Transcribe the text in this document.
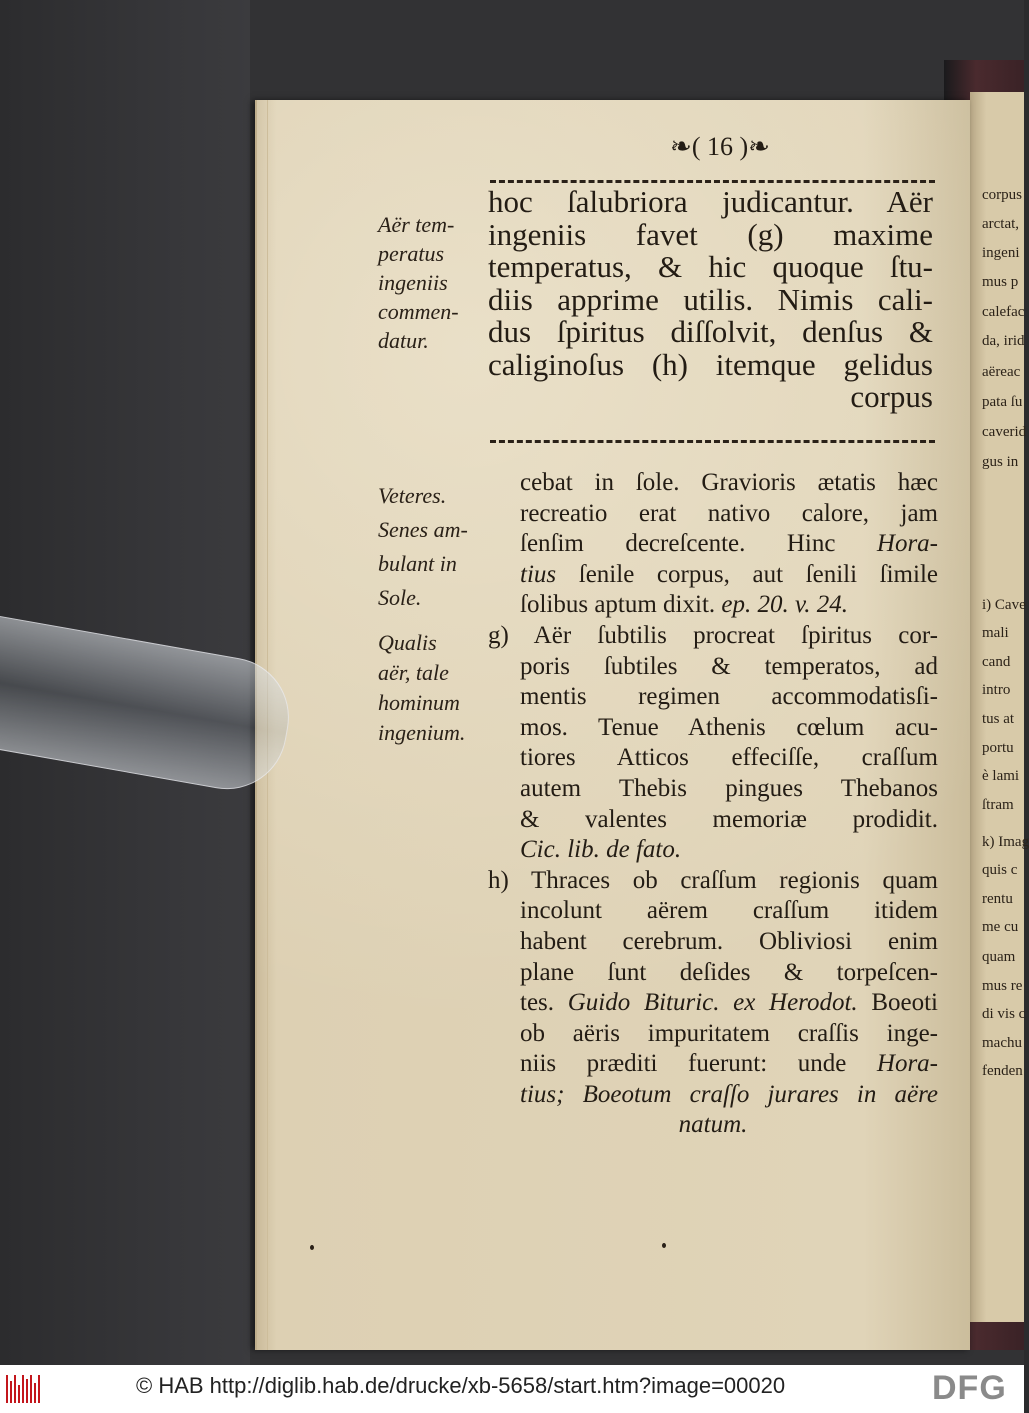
corpus
arctat,
ingeni
mus p
calefac
da, irid
aëreac
pata ſu
caverid
gus in
i) Cave
mali
cand
intro
tus at
portu
è lami
ſtram
k) Imag
quis c
rentu
me cu
quam
mus re
di vis c
machu
fenden
❧( 16 )❧
hoc ſalubriora judicantur. Aër
ingeniis favet (g) maxime
temperatus, & hic quoque ſtu-
diis apprime utilis. Nimis cali-
dus ſpiritus diſſolvit, denſus &
caliginoſus (h) itemque gelidus
corpus
Aër tem-
peratus
ingeniis
commen-
datur.
Veteres.
Senes am-
bulant in
Sole.
Qualis
aër, tale
hominum
ingenium.
cebat in ſole. Gravioris ætatis hæc
recreatio erat nativo calore, jam
ſenſim decreſcente. Hinc Hora-
tius ſenile corpus, aut ſenili ſimile
ſolibus aptum dixit. ep. 20. v. 24.
g) Aër ſubtilis procreat ſpiritus cor-
poris ſubtiles & temperatos, ad
mentis regimen accommodatisſi-
mos. Tenue Athenis cœlum acu-
tiores Atticos effeciſſe, craſſum
autem Thebis pingues Thebanos
& valentes memoriæ prodidit.
Cic. lib. de fato.
h) Thraces ob craſſum regionis quam
incolunt aërem craſſum itidem
habent cerebrum. Obliviosi enim
plane ſunt deſides & torpeſcen-
tes. Guido Bituric. ex Herodot. Boeoti
ob aëris impuritatem craſſis inge-
niis præditi fuerunt: unde Hora-
tius; Boeotum craſſo jurares in aëre
natum.
© HAB http://diglib.hab.de/drucke/xb-5658/start.htm?image=00020	DFG
